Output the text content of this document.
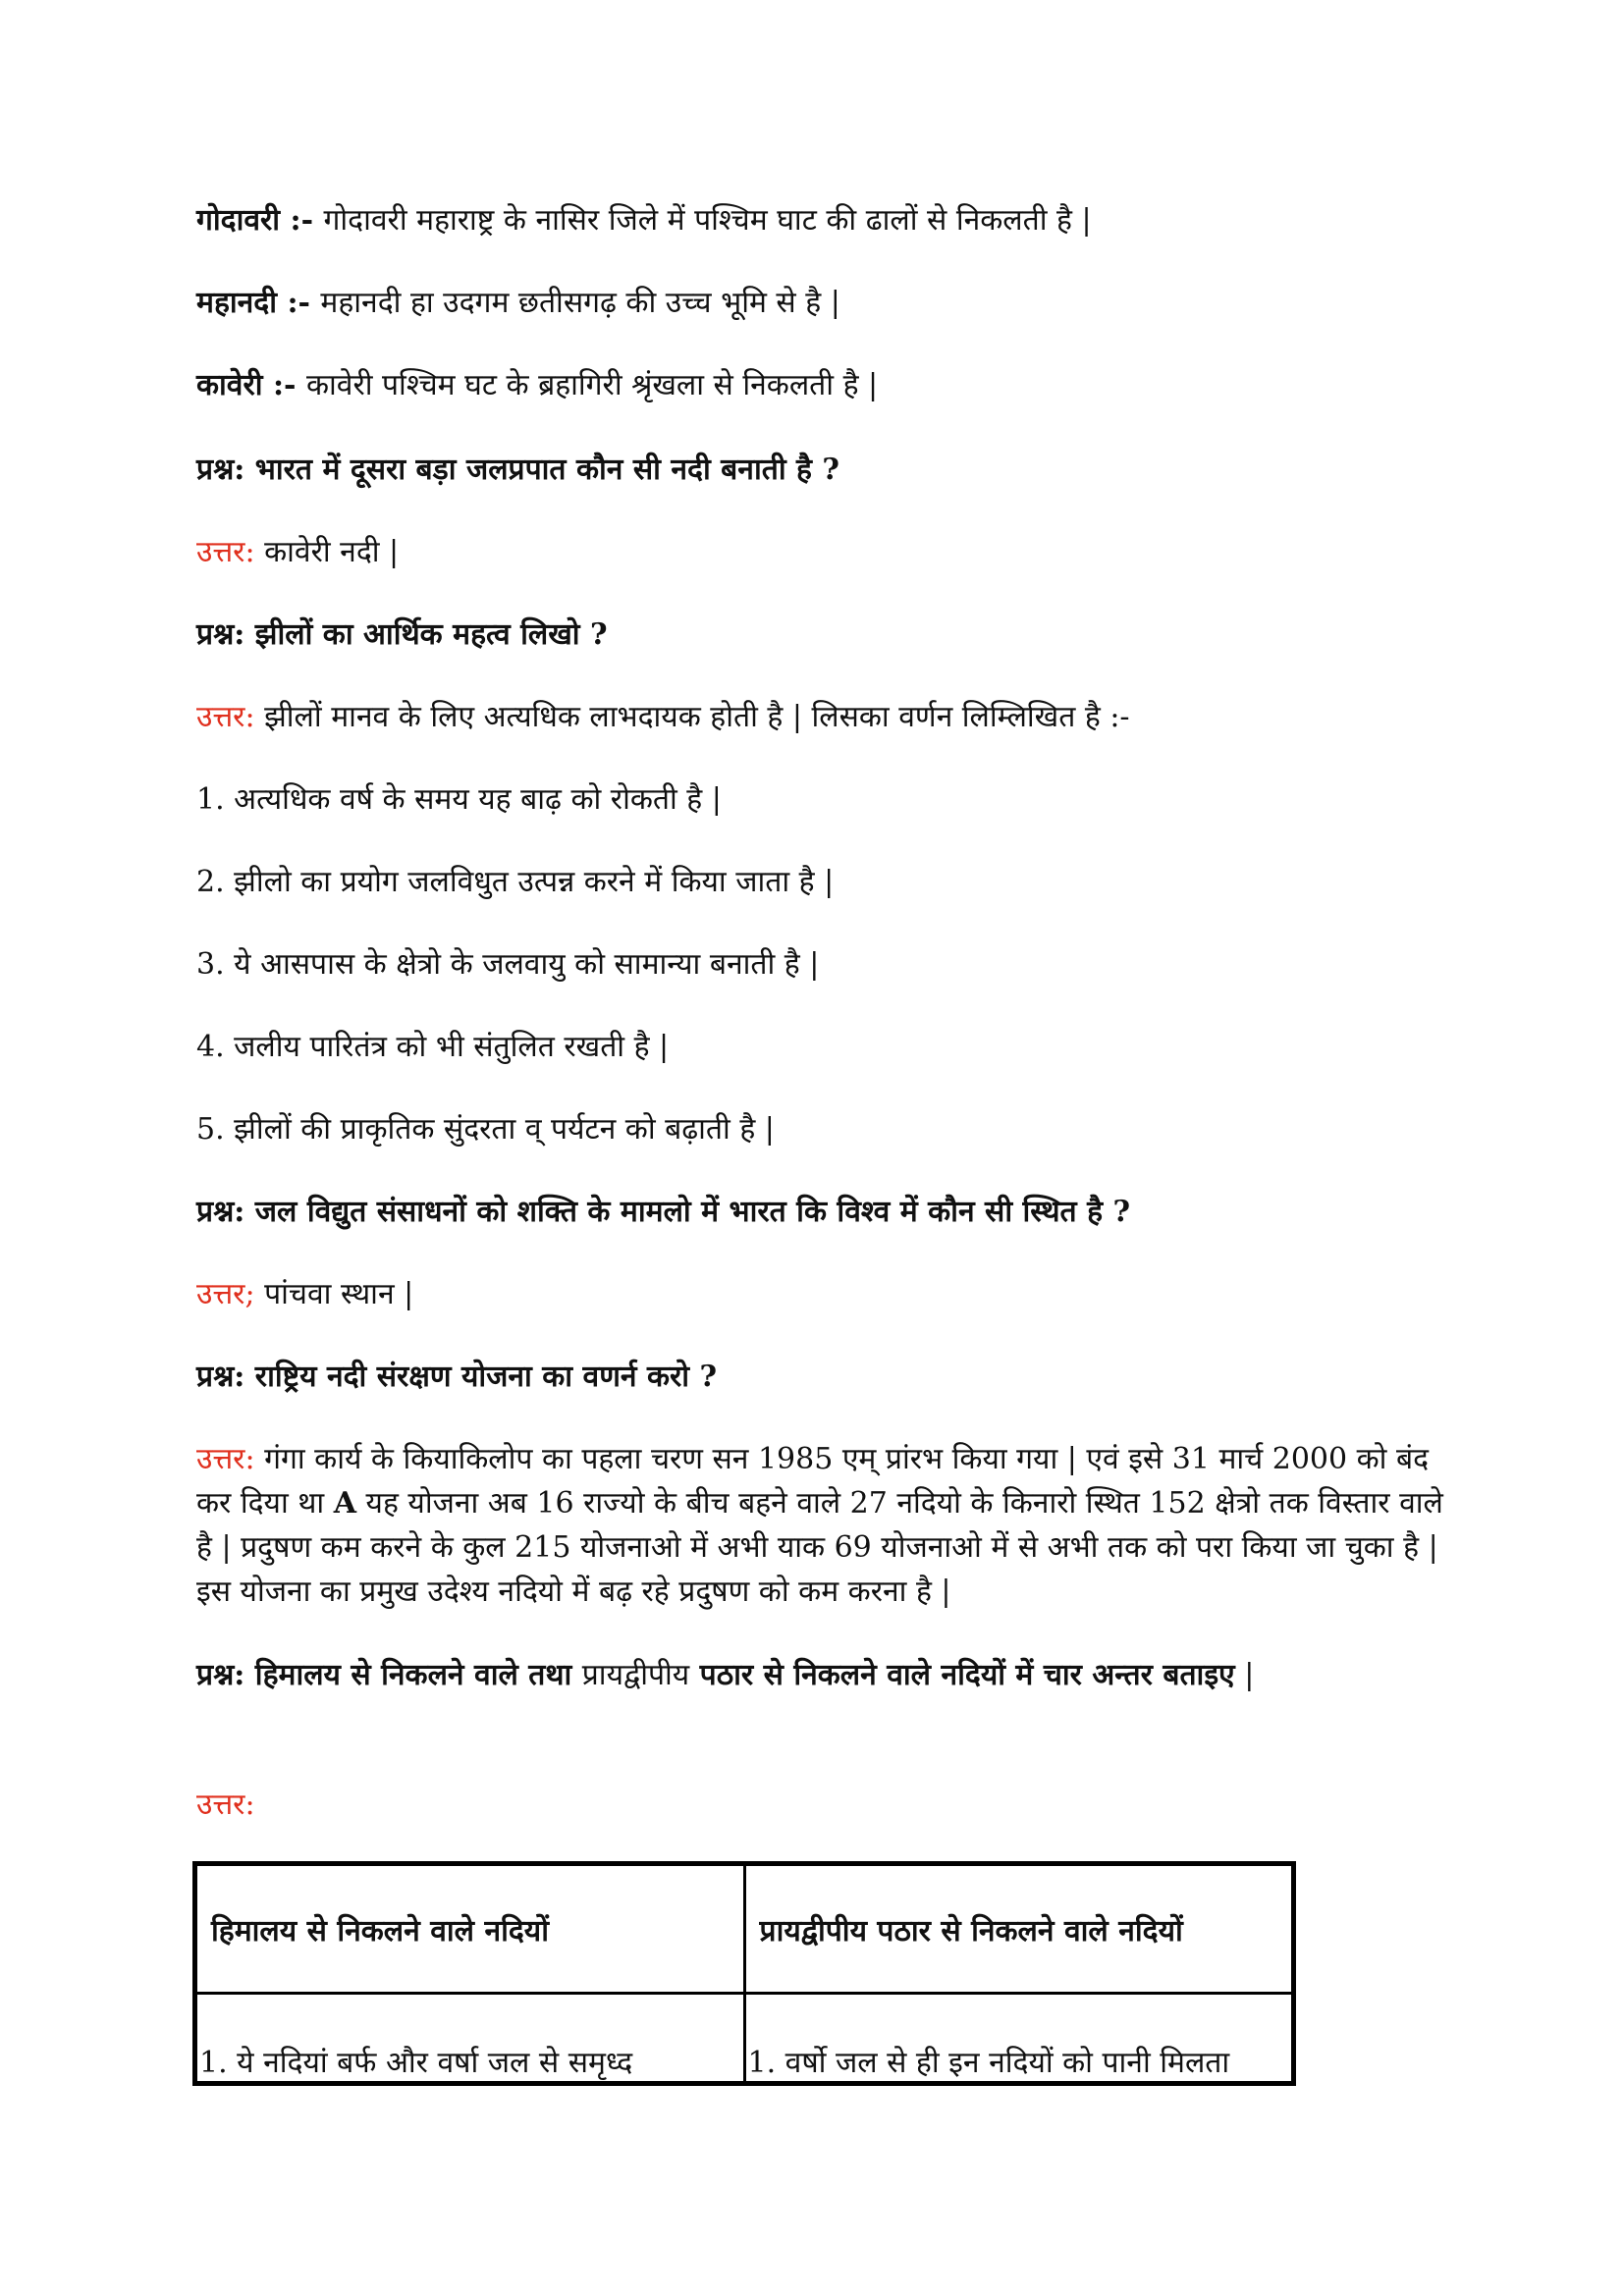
गोदावरी :- गोदावरी महाराष्ट्र के नासिर जिले में पश्चिम घाट की ढालों से निकलती है |
महानदी :- महानदी हा उदगम छतीसगढ़ की उच्च भूमि से है |
कावेरी :- कावेरी पश्चिम घट के ब्रहागिरी श्रृंखला से निकलती है |
प्रश्न: भारत में दूसरा बड़ा जलप्रपात कौन सी नदी बनाती है ?
उत्तर: कावेरी नदी |
प्रश्न: झीलों का आर्थिक महत्व लिखो ?
उत्तर: झीलों मानव के लिए अत्यधिक लाभदायक होती है | लिसका वर्णन लिम्लिखित है :-
1. अत्यधिक वर्ष के समय यह बाढ़ को रोकती है |
2. झीलो का प्रयोग जलविधुत उत्पन्न करने में किया जाता है |
3. ये आसपास के क्षेत्रो के जलवायु को सामान्या बनाती है |
4. जलीय पारितंत्र को भी संतुलित रखती है |
5. झीलों की प्राकृतिक सुंदरता व् पर्यटन को बढ़ाती है |
प्रश्न: जल विद्युत संसाधनों को शक्ति के मामलो में भारत कि विश्व में कौन सी स्थित है ?
उत्तर; पांचवा स्थान |
प्रश्न: राष्ट्रिय नदी संरक्षण योजना का वणर्न करो ?
उत्तर: गंगा कार्य के कियाकिलोप का पहला चरण सन 1985 एम् प्रांरभ किया गया | एवं इसे 31 मार्च 2000 को बंद कर दिया था A यह योजना अब 16 राज्यो के बीच बहने वाले 27 नदियो के किनारो स्थित 152 क्षेत्रो तक विस्तार वाले है | प्रदुषण कम करने के कुल 215 योजनाओ में अभी याक 69 योजनाओ में से अभी तक को परा किया जा चुका है | इस योजना का प्रमुख उदेश्य नदियो में बढ़ रहे प्रदुषण को कम करना है |
प्रश्न: हिमालय से निकलने वाले तथा प्रायद्वीपीय पठार से निकलने वाले नदियों में चार अन्तर बताइए |
उत्तर:
हिमालय से निकलने वाले नदियों	प्रायद्वीपीय पठार से निकलने वाले नदियों
1. ये नदियां बर्फ और वर्षा जल से समृध्द	1. वर्षो जल से ही इन नदियों को पानी मिलता
